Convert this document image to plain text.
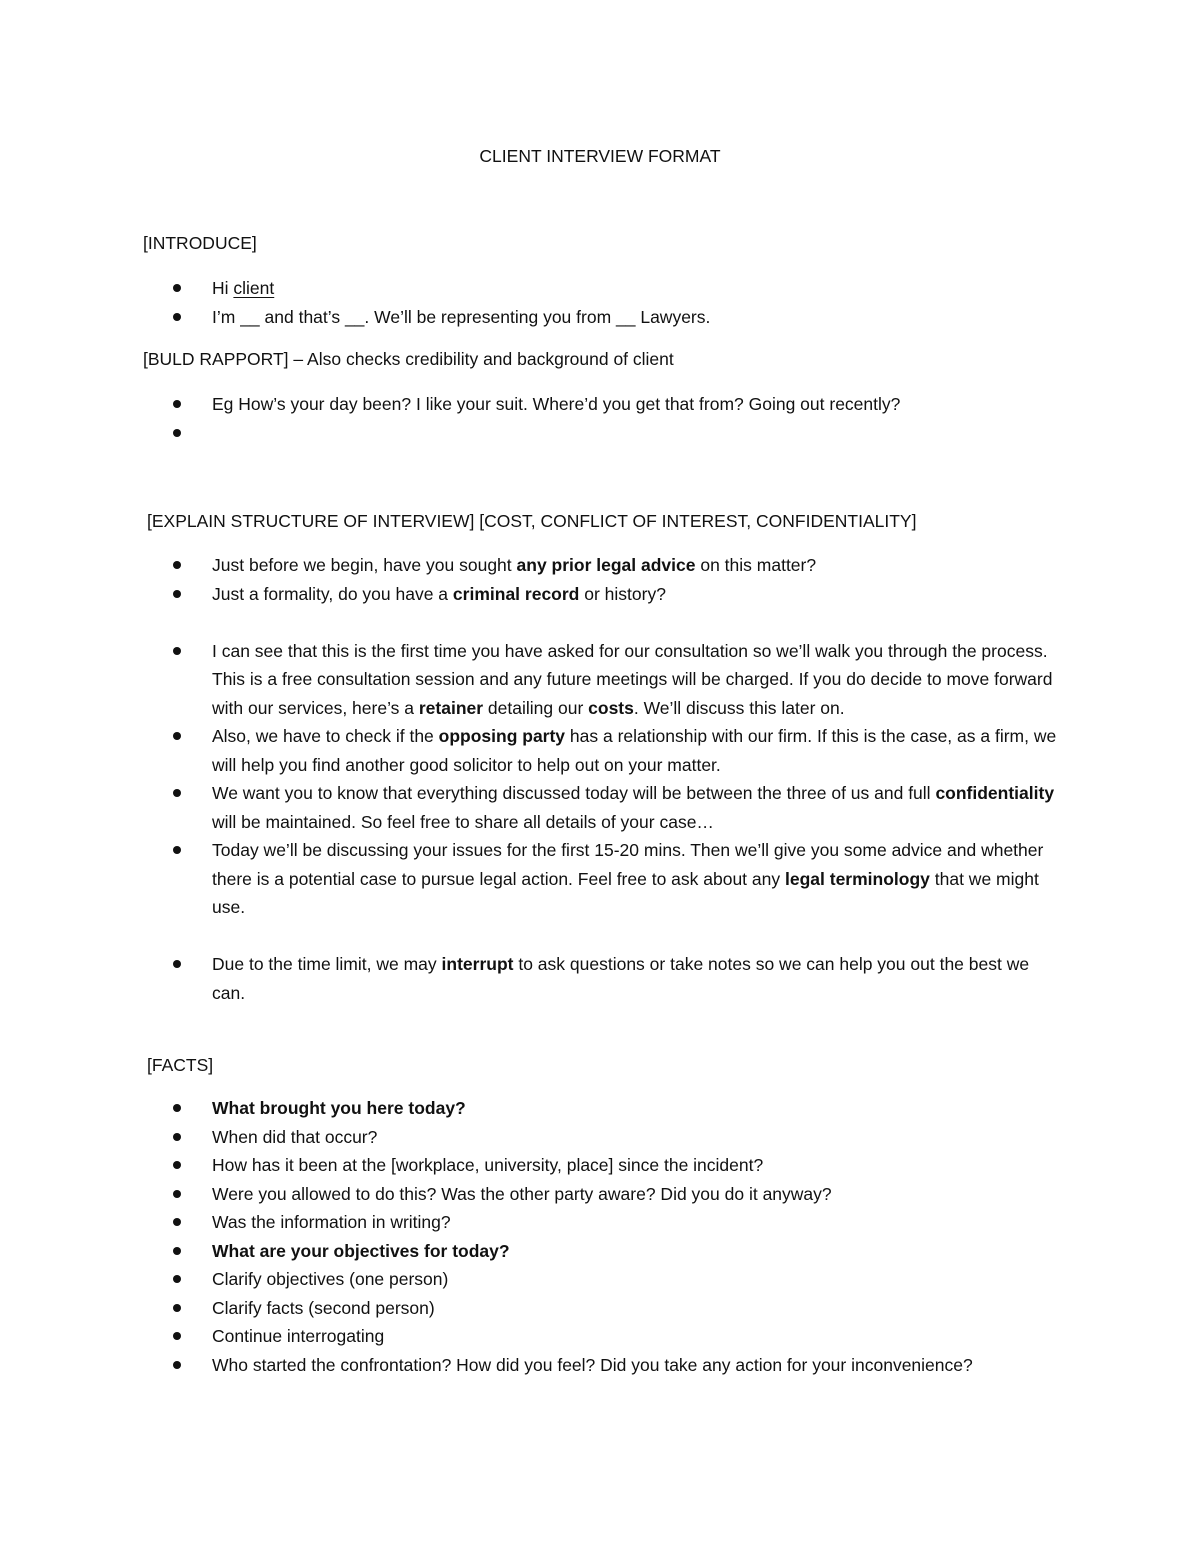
CLIENT INTERVIEW FORMAT
[INTRODUCE]
Hi client
I’m __ and that’s __. We’ll be representing you from __ Lawyers.
[BULD RAPPORT] – Also checks credibility and background of client
Eg How’s your day been? I like your suit. Where’d you get that from? Going out recently?
[EXPLAIN STRUCTURE OF INTERVIEW] [COST, CONFLICT OF INTEREST, CONFIDENTIALITY]
Just before we begin, have you sought any prior legal advice on this matter?
Just a formality, do you have a criminal record or history?
I can see that this is the first time you have asked for our consultation so we’ll walk you through the process. This is a free consultation session and any future meetings will be charged. If you do decide to move forward with our services, here’s a retainer detailing our costs. We’ll discuss this later on.
Also, we have to check if the opposing party has a relationship with our firm. If this is the case, as a firm, we will help you find another good solicitor to help out on your matter.
We want you to know that everything discussed today will be between the three of us and full confidentiality will be maintained. So feel free to share all details of your case…
Today we’ll be discussing your issues for the first 15-20 mins. Then we’ll give you some advice and whether there is a potential case to pursue legal action. Feel free to ask about any legal terminology that we might use.
Due to the time limit, we may interrupt to ask questions or take notes so we can help you out the best we can.
[FACTS]
What brought you here today?
When did that occur?
How has it been at the [workplace, university, place] since the incident?
Were you allowed to do this? Was the other party aware? Did you do it anyway?
Was the information in writing?
What are your objectives for today?
Clarify objectives (one person)
Clarify facts (second person)
Continue interrogating
Who started the confrontation? How did you feel? Did you take any action for your inconvenience?
